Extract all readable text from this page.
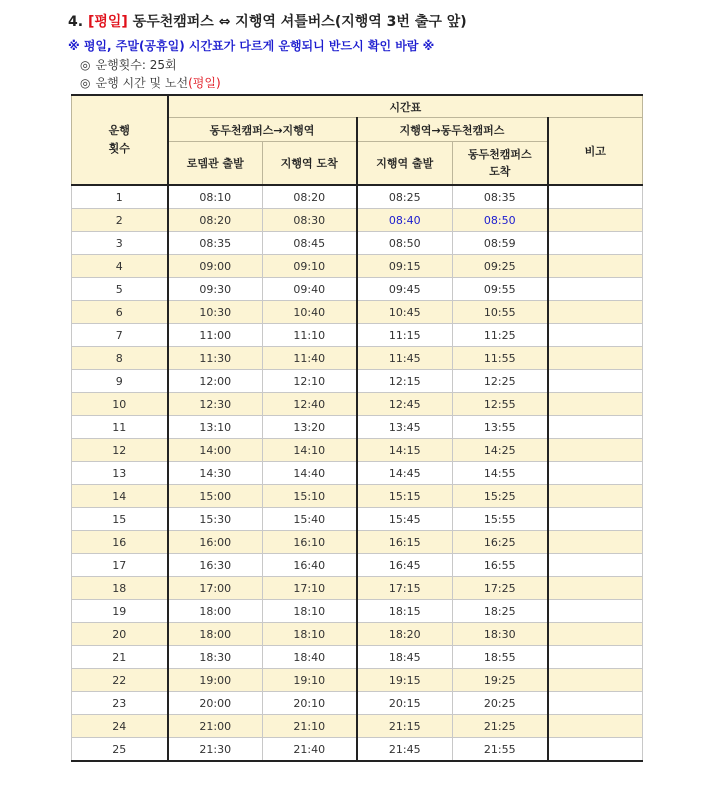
4. [평일] 동두천캠퍼스 ⇔ 지행역 셔틀버스(지행역 3번 출구 앞)
※ 평일, 주말(공휴일) 시간표가 다르게 운행되니 반드시 확인 바람 ※
◎ 운행횟수: 25회
◎ 운행 시간 및 노선(평일)
운행
횟수	시간표				
	동두천캠퍼스→지행역		지행역→동두천캠퍼스		비고
	로뎀관 출발	지행역 도착	지행역 출발	동두천캠퍼스
도착	
1	08:10	08:20	08:25	08:35	
2	08:20	08:30	08:40	08:50	
3	08:35	08:45	08:50	08:59	
4	09:00	09:10	09:15	09:25	
5	09:30	09:40	09:45	09:55	
6	10:30	10:40	10:45	10:55	
7	11:00	11:10	11:15	11:25	
8	11:30	11:40	11:45	11:55	
9	12:00	12:10	12:15	12:25	
10	12:30	12:40	12:45	12:55	
11	13:10	13:20	13:45	13:55	
12	14:00	14:10	14:15	14:25	
13	14:30	14:40	14:45	14:55	
14	15:00	15:10	15:15	15:25	
15	15:30	15:40	15:45	15:55	
16	16:00	16:10	16:15	16:25	
17	16:30	16:40	16:45	16:55	
18	17:00	17:10	17:15	17:25	
19	18:00	18:10	18:15	18:25	
20	18:00	18:10	18:20	18:30	
21	18:30	18:40	18:45	18:55	
22	19:00	19:10	19:15	19:25	
23	20:00	20:10	20:15	20:25	
24	21:00	21:10	21:15	21:25	
25	21:30	21:40	21:45	21:55	
